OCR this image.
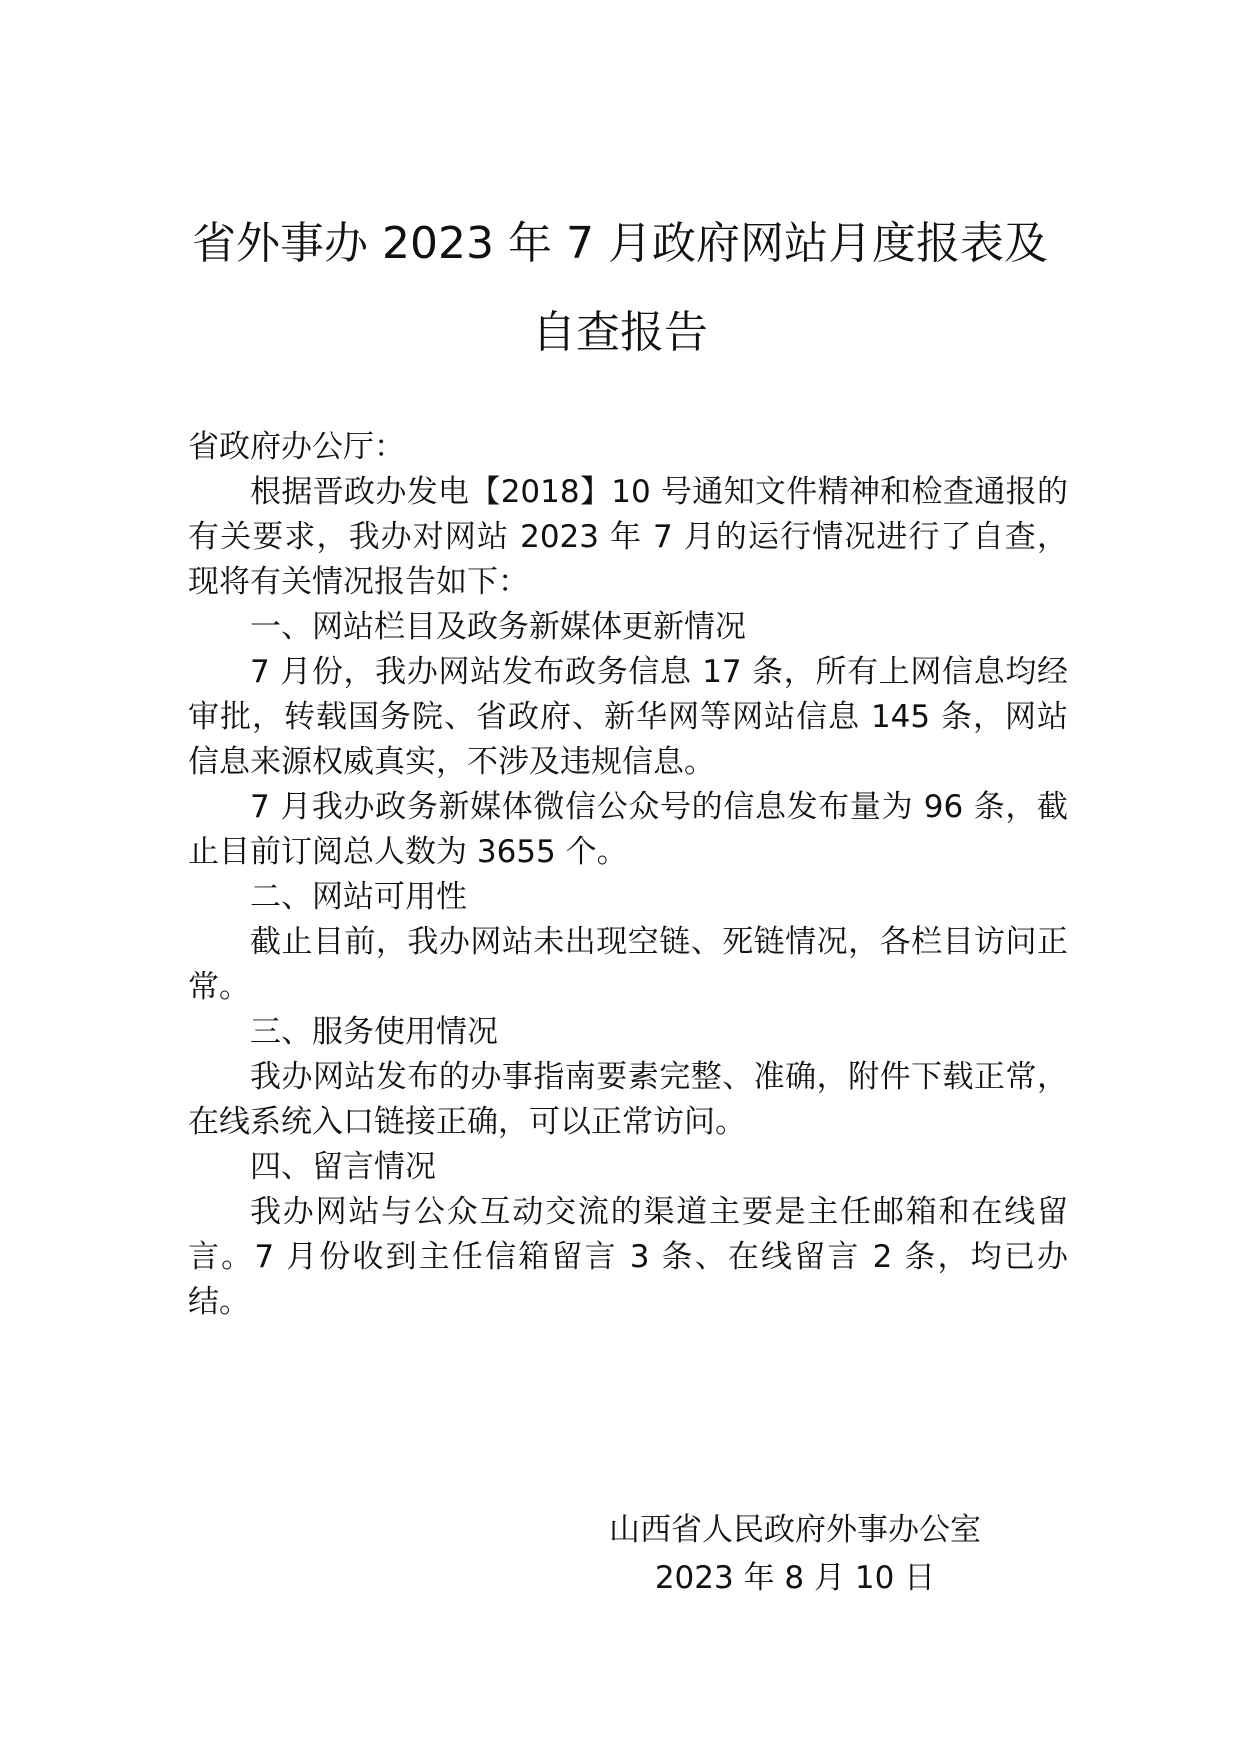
省外事办 2023 年 7 月政府网站月度报表及
自查报告

省政府办公厅：

根据晋政办发电【2018】10 号通知文件精神和检查通报的有关要求，我办对网站 2023 年 7 月的运行情况进行了自查，现将有关情况报告如下：

一、网站栏目及政务新媒体更新情况

7 月份，我办网站发布政务信息 17 条，所有上网信息均经审批，转载国务院、省政府、新华网等网站信息 145 条，网站信息来源权威真实，不涉及违规信息。

7 月我办政务新媒体微信公众号的信息发布量为 96 条，截止目前订阅总人数为 3655 个。

二、网站可用性

截止目前，我办网站未出现空链、死链情况，各栏目访问正常。

三、服务使用情况

我办网站发布的办事指南要素完整、准确，附件下载正常，在线系统入口链接正确，可以正常访问。

四、留言情况

我办网站与公众互动交流的渠道主要是主任邮箱和在线留言。7 月份收到主任信箱留言 3 条、在线留言 2 条，均已办结。

山西省人民政府外事办公室
2023 年 8 月 10 日
